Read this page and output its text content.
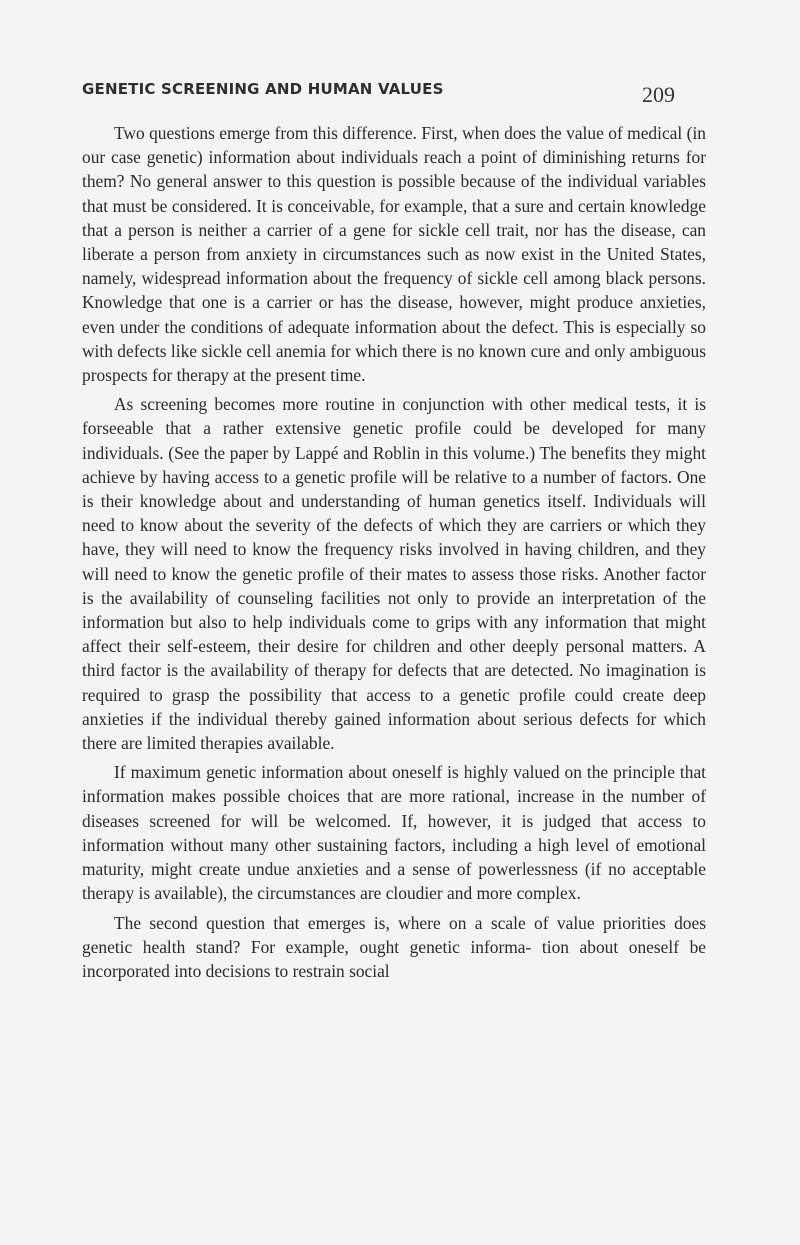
GENETIC SCREENING AND HUMAN VALUES	209

Two questions emerge from this difference. First, when does the value of medical (in our case genetic) information about individuals reach a point of diminishing returns for them? No general answer to this question is possible because of the individual variables that must be considered. It is conceivable, for example, that a sure and certain knowledge that a person is neither a carrier of a gene for sickle cell trait, nor has the disease, can liberate a person from anxiety in circumstances such as now exist in the United States, namely, widespread information about the frequency of sickle cell among black persons. Knowledge that one is a carrier or has the disease, however, might produce anxieties, even under the conditions of adequate information about the defect. This is especially so with defects like sickle cell anemia for which there is no known cure and only ambiguous prospects for therapy at the present time.

As screening becomes more routine in conjunction with other medical tests, it is forseeable that a rather extensive genetic profile could be developed for many individuals. (See the paper by Lappé and Roblin in this volume.) The benefits they might achieve by having access to a genetic profile will be relative to a number of factors. One is their knowledge about and understanding of human genetics itself. Individuals will need to know about the severity of the defects of which they are carriers or which they have, they will need to know the frequency risks involved in having children, and they will need to know the genetic profile of their mates to assess those risks. Another factor is the availability of counseling facilities not only to provide an interpretation of the information but also to help individuals come to grips with any information that might affect their self-esteem, their desire for children and other deeply personal matters. A third factor is the availability of therapy for defects that are detected. No imagination is required to grasp the possibility that access to a genetic profile could create deep anxieties if the individual thereby gained information about serious defects for which there are limited therapies available.

If maximum genetic information about oneself is highly valued on the principle that information makes possible choices that are more rational, increase in the number of diseases screened for will be welcomed. If, however, it is judged that access to information without many other sustaining factors, including a high level of emotional maturity, might create undue anxieties and a sense of powerlessness (if no acceptable therapy is available), the circumstances are cloudier and more complex.

The second question that emerges is, where on a scale of value priorities does genetic health stand? For example, ought genetic informa- tion about oneself be incorporated into decisions to restrain social
